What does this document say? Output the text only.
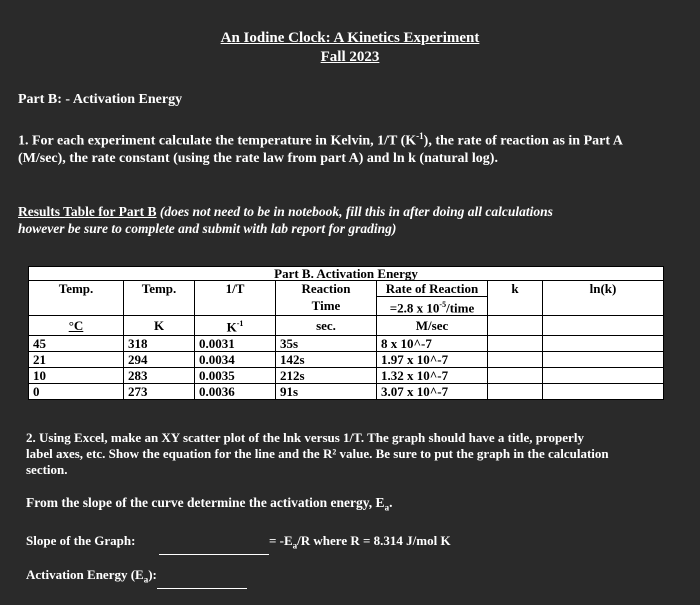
An Iodine Clock: A Kinetics Experiment
Fall 2023
Part B: - Activation Energy
1. For each experiment calculate the temperature in Kelvin, 1/T $(K^{-1})$, the rate of reaction as in Part A
(M/sec), the rate constant (using the rate law from part A) and ln k (natural log).
Results Table for Part B (does not need to be in notebook, fill this in after doing all calculations
however be sure to complete and submit with lab report for grading)
Part B. Activation Energy						
Temp.	Temp.	1/T	Reaction	Rate of Reaction	k	ln(k)
			Time	=2.8 x $10^{-5}$/time		
°C	K	$K^{-1}$	sec.	M/sec		
45	318	0.0031	35s	8 x 10^-7		
21	294	0.0034	142s	1.97 x 10^-7		
10	283	0.0035	212s	1.32 x 10^-7		
0	273	0.0036	91s	3.07 x 10^-7		
2. Using Excel, make an XY scatter plot of the lnk versus 1/T. The graph should have a title, properly
label axes, etc. Show the equation for the line and the R² value. Be sure to put the graph in the calculation
section.
From the slope of the curve determine the activation energy, $E_a$.
Slope of the Graph:	= $-E_a/R$ where R = 8.314 J/mol K
Activation Energy $(E_a)$:
